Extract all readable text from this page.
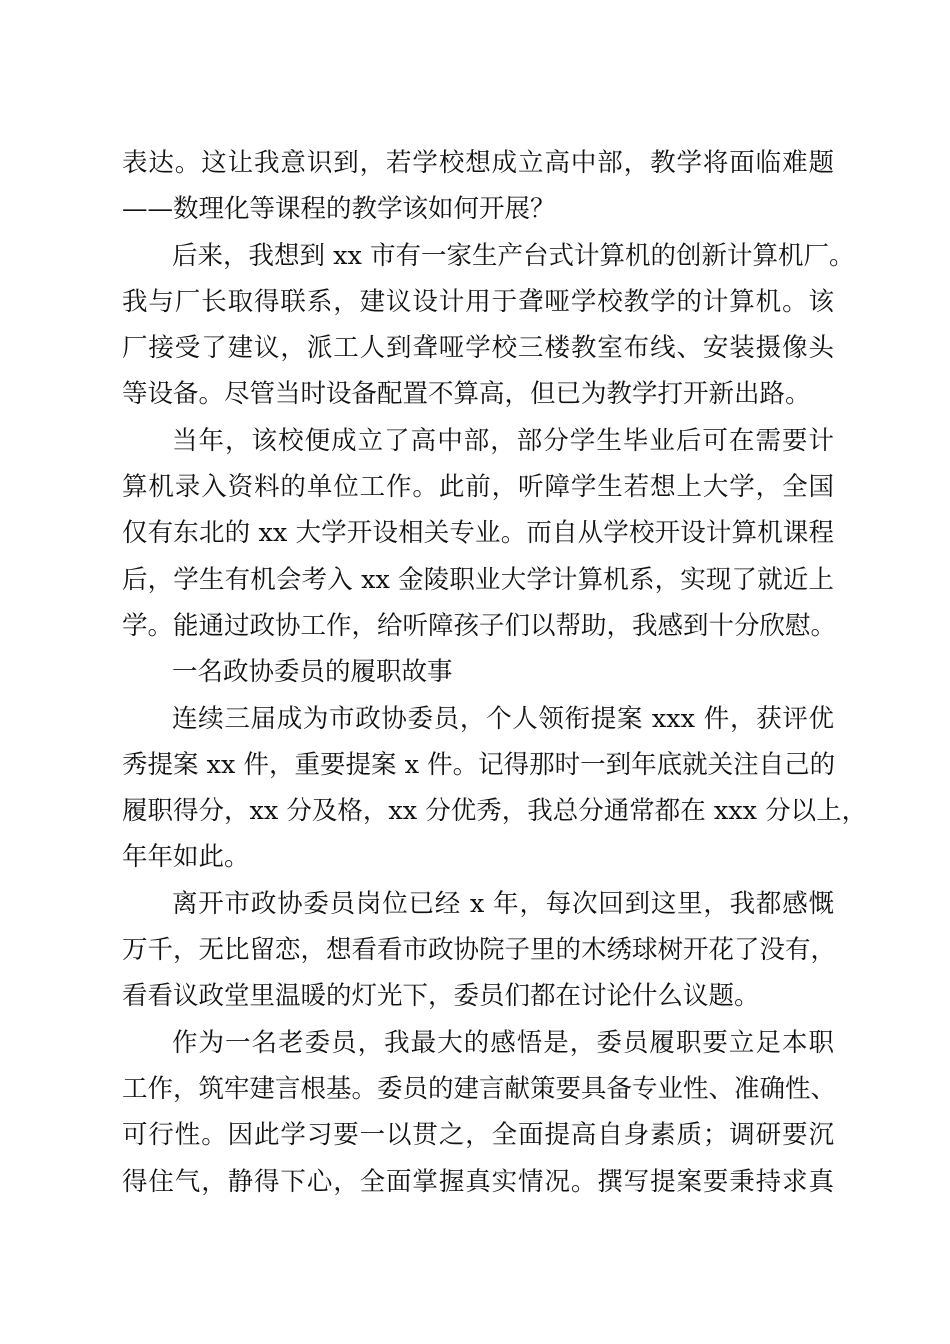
表达。这让我意识到，若学校想成立高中部，教学将面临难题
——数理化等课程的教学该如何开展？
后来，我想到 xx 市有一家生产台式计算机的创新计算机厂。
我与厂长取得联系，建议设计用于聋哑学校教学的计算机。该
厂接受了建议，派工人到聋哑学校三楼教室布线、安装摄像头
等设备。尽管当时设备配置不算高，但已为教学打开新出路。
当年，该校便成立了高中部，部分学生毕业后可在需要计
算机录入资料的单位工作。此前，听障学生若想上大学，全国
仅有东北的 xx 大学开设相关专业。而自从学校开设计算机课程
后，学生有机会考入 xx 金陵职业大学计算机系，实现了就近上
学。能通过政协工作，给听障孩子们以帮助，我感到十分欣慰。
一名政协委员的履职故事
连续三届成为市政协委员，个人领衔提案 xxx 件，获评优
秀提案 xx 件，重要提案 x 件。记得那时一到年底就关注自己的
履职得分，xx 分及格，xx 分优秀，我总分通常都在 xxx 分以上，
年年如此。
离开市政协委员岗位已经 x 年，每次回到这里，我都感慨
万千，无比留恋，想看看市政协院子里的木绣球树开花了没有，
看看议政堂里温暖的灯光下，委员们都在讨论什么议题。
作为一名老委员，我最大的感悟是，委员履职要立足本职
工作，筑牢建言根基。委员的建言献策要具备专业性、准确性、
可行性。因此学习要一以贯之，全面提高自身素质；调研要沉
得住气，静得下心，全面掌握真实情况。撰写提案要秉持求真
